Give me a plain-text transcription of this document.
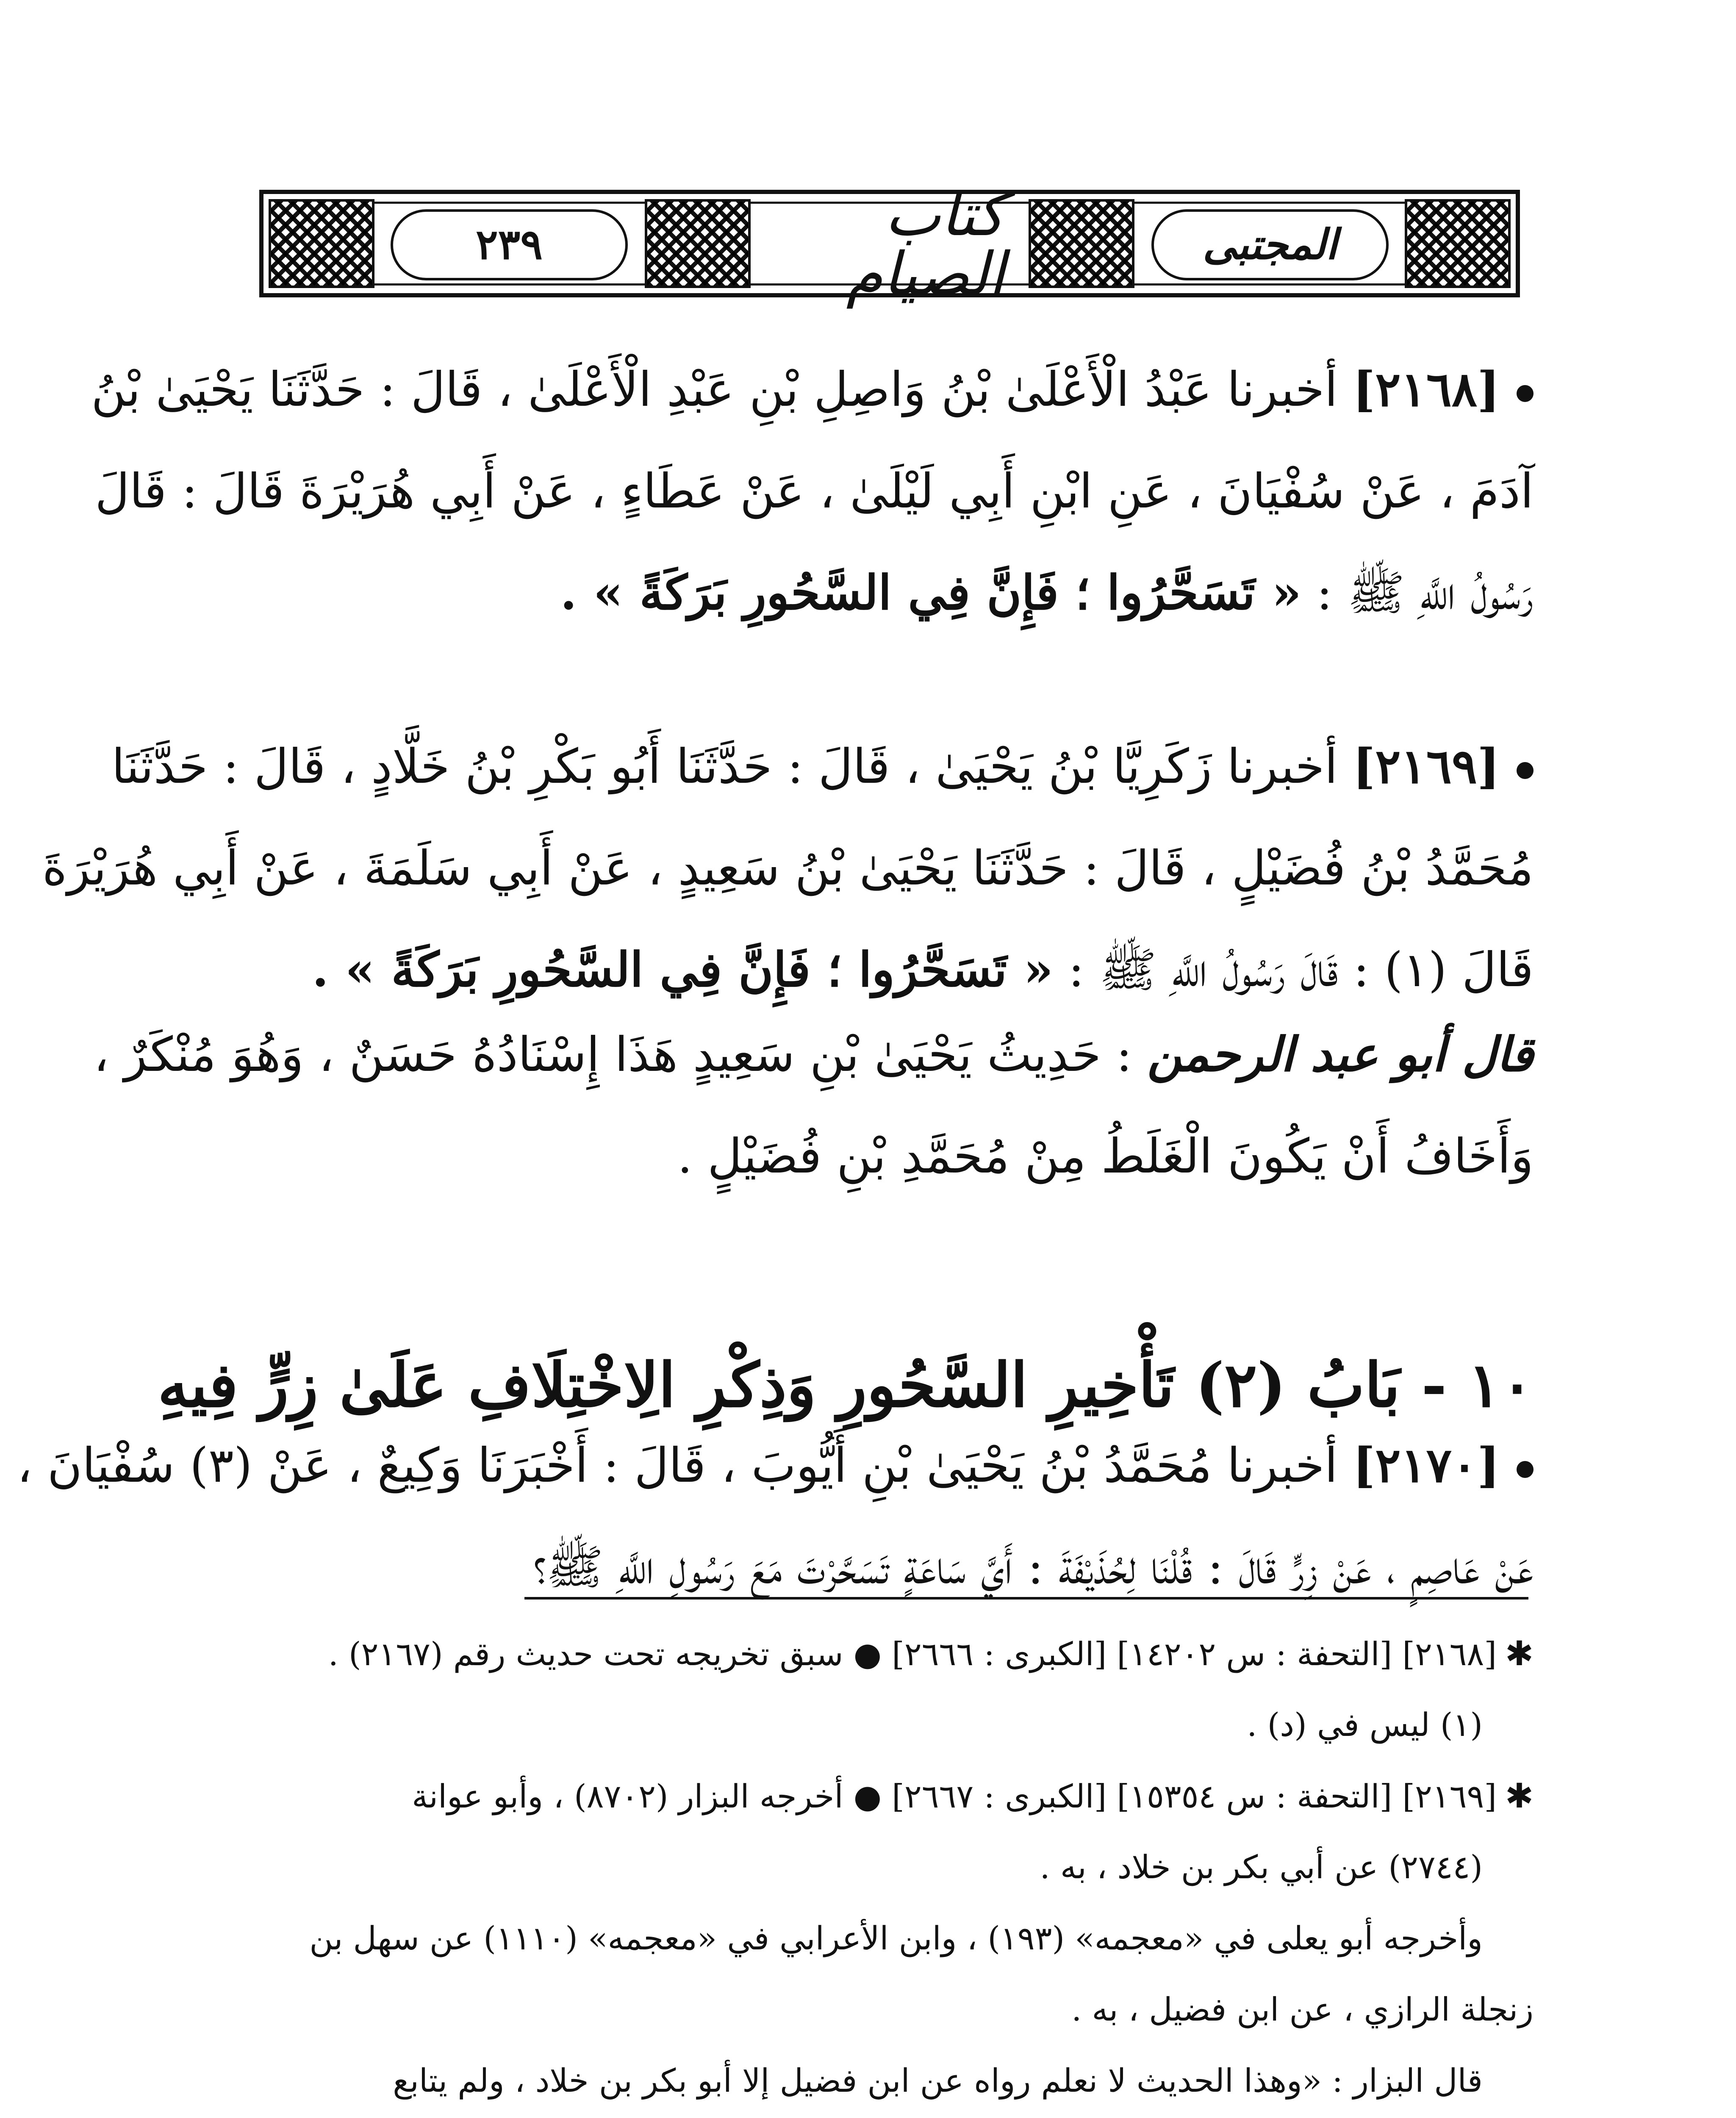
المجتبى
كتاب الصيام
٢٣٩
[٢١٦٨] أخبرنا عَبْدُ الْأَعْلَىٰ بْنُ وَاصِلِ بْنِ عَبْدِ الْأَعْلَىٰ ، قَالَ : حَدَّثَنَا يَحْيَىٰ بْنُ
آدَمَ ، عَنْ سُفْيَانَ ، عَنِ ابْنِ أَبِي لَيْلَىٰ ، عَنْ عَطَاءٍ ، عَنْ أَبِي هُرَيْرَةَ قَالَ : قَالَ
رَسُولُ اللَّهِ ﷺ : « تَسَحَّرُوا ؛ فَإِنَّ فِي السَّحُورِ بَرَكَةً » .
[٢١٦٩] أخبرنا زَكَرِيَّا بْنُ يَحْيَىٰ ، قَالَ : حَدَّثَنَا أَبُو بَكْرِ بْنُ خَلَّادٍ ، قَالَ : حَدَّثَنَا
مُحَمَّدُ بْنُ فُضَيْلٍ ، قَالَ : حَدَّثَنَا يَحْيَىٰ بْنُ سَعِيدٍ ، عَنْ أَبِي سَلَمَةَ ، عَنْ أَبِي هُرَيْرَةَ
قَالَ (١) : قَالَ رَسُولُ اللَّهِ ﷺ : « تَسَحَّرُوا ؛ فَإِنَّ فِي السَّحُورِ بَرَكَةً » .
قال أبو عبد الرحمن : حَدِيثُ يَحْيَىٰ بْنِ سَعِيدٍ هَذَا إِسْنَادُهُ حَسَنٌ ، وَهُوَ مُنْكَرٌ ،
وَأَخَافُ أَنْ يَكُونَ الْغَلَطُ مِنْ مُحَمَّدِ بْنِ فُضَيْلٍ .
١٠ - بَابُ (٢) تَأْخِيرِ السَّحُورِ وَذِكْرِ الِاخْتِلَافِ عَلَىٰ زِرٍّ فِيهِ
[٢١٧٠] أخبرنا مُحَمَّدُ بْنُ يَحْيَىٰ بْنِ أَيُّوبَ ، قَالَ : أَخْبَرَنَا وَكِيعٌ ، عَنْ (٣) سُفْيَانَ ،
عَنْ عَاصِمٍ ، عَنْ زِرٍّ قَالَ : قُلْنَا لِحُذَيْفَةَ : أَيَّ سَاعَةٍ تَسَحَّرْتَ مَعَ رَسُولِ اللَّهِ ﷺ؟
✱[٢١٦٨] [التحفة : س ١٤٢٠٢] [الكبرى : ٢٦٦٦] ● سبق تخريجه تحت حديث رقم (٢١٦٧) .
(١) ليس في (د) .
✱[٢١٦٩] [التحفة : س ١٥٣٥٤] [الكبرى : ٢٦٦٧] ● أخرجه البزار (٨٧٠٢) ، وأبو عوانة
(٢٧٤٤) عن أبي بكر بن خلاد ، به .
وأخرجه أبو يعلى في «معجمه» (١٩٣) ، وابن الأعرابي في «معجمه» (١١١٠) عن سهل بن
زنجلة الرازي ، عن ابن فضيل ، به .
قال البزار : «وهذا الحديث لا نعلم رواه عن ابن فضيل إلا أبو بكر بن خلاد ، ولم يتابع
